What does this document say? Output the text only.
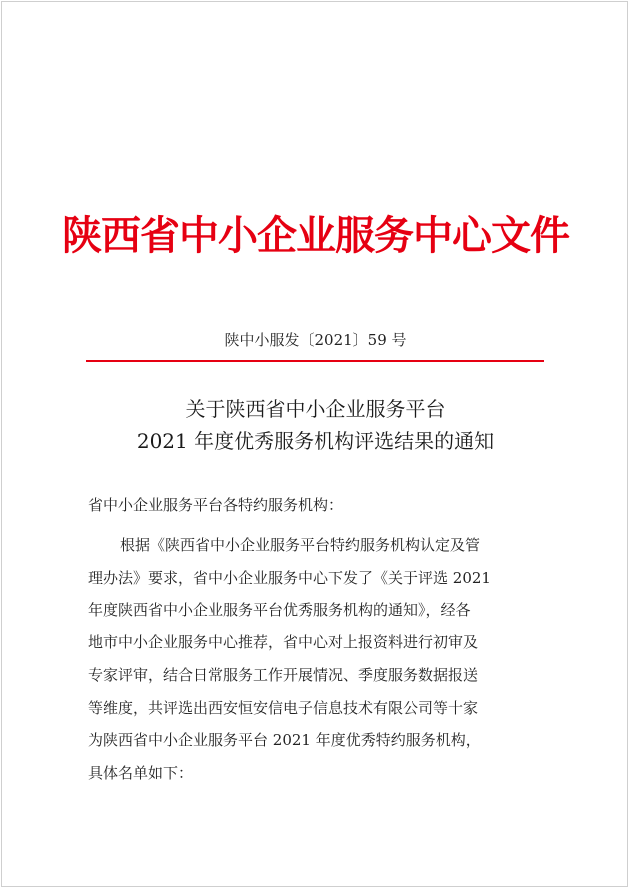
陕西省中小企业服务中心文件
陕中小服发〔2021〕59 号
关于陕西省中小企业服务平台
2021 年度优秀服务机构评选结果的通知
省中小企业服务平台各特约服务机构：
根据《陕西省中小企业服务平台特约服务机构认定及管
理办法》要求，省中小企业服务中心下发了《关于评选 2021
年度陕西省中小企业服务平台优秀服务机构的通知》，经各
地市中小企业服务中心推荐，省中心对上报资料进行初审及
专家评审，结合日常服务工作开展情况、季度服务数据报送
等维度，共评选出西安恒安信电子信息技术有限公司等十家
为陕西省中小企业服务平台 2021 年度优秀特约服务机构，
具体名单如下：
